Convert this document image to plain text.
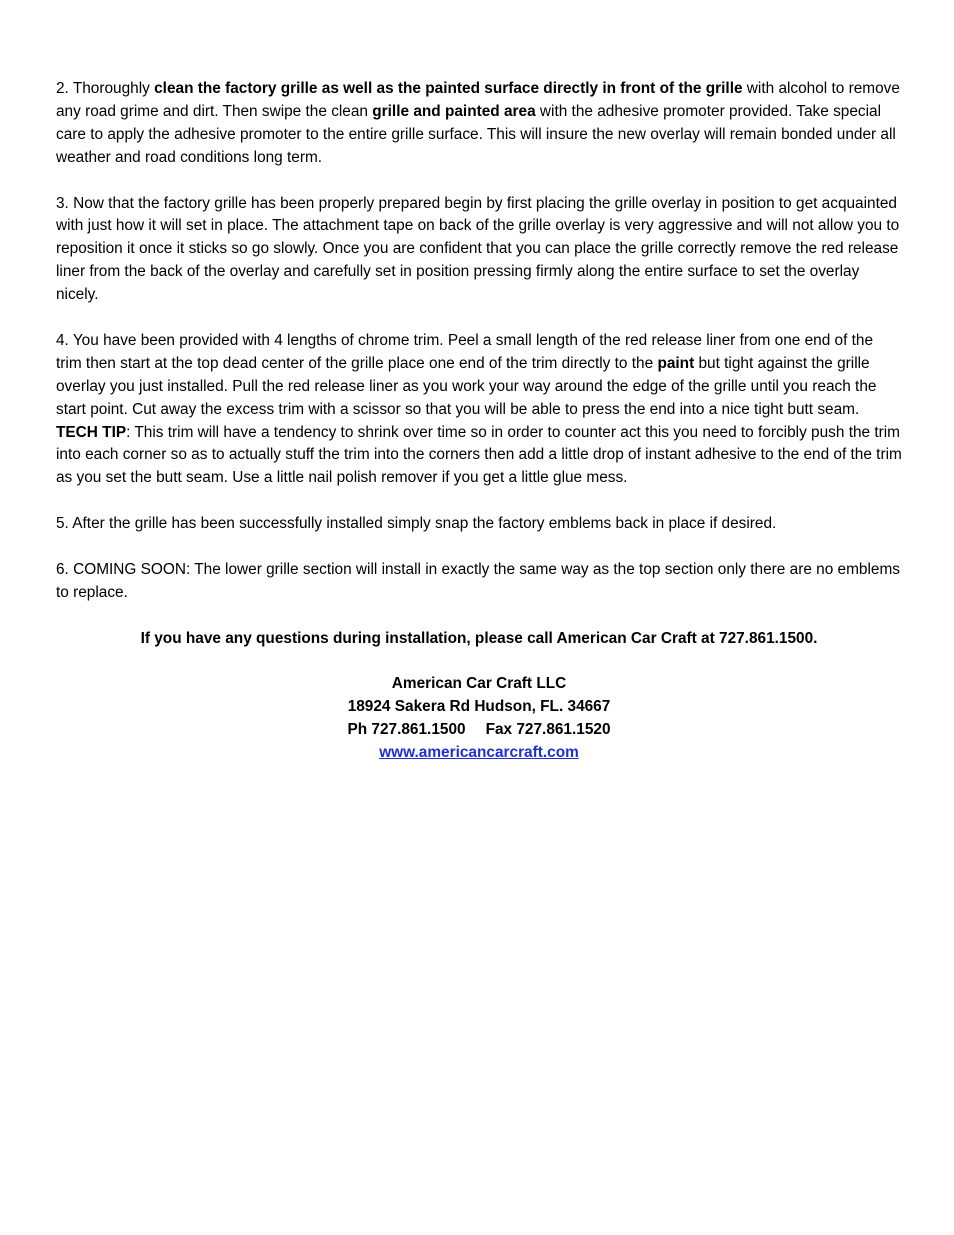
2. Thoroughly clean the factory grille as well as the painted surface directly in front of the grille with alcohol to remove any road grime and dirt. Then swipe the clean grille and painted area with the adhesive promoter provided. Take special care to apply the adhesive promoter to the entire grille surface. This will insure the new overlay will remain bonded under all weather and road conditions long term.

3. Now that the factory grille has been properly prepared begin by first placing the grille overlay in position to get acquainted with just how it will set in place. The attachment tape on back of the grille overlay is very aggressive and will not allow you to reposition it once it sticks so go slowly. Once you are confident that you can place the grille correctly remove the red release liner from the back of the overlay and carefully set in position pressing firmly along the entire surface to set the overlay nicely.

4. You have been provided with 4 lengths of chrome trim. Peel a small length of the red release liner from one end of the trim then start at the top dead center of the grille place one end of the trim directly to the paint but tight against the grille overlay you just installed. Pull the red release liner as you work your way around the edge of the grille until you reach the start point. Cut away the excess trim with a scissor so that you will be able to press the end into a nice tight butt seam. TECH TIP: This trim will have a tendency to shrink over time so in order to counter act this you need to forcibly push the trim into each corner so as to actually stuff the trim into the corners then add a little drop of instant adhesive to the end of the trim as you set the butt seam. Use a little nail polish remover if you get a little glue mess.

5. After the grille has been successfully installed simply snap the factory emblems back in place if desired.

6. COMING SOON: The lower grille section will install in exactly the same way as the top section only there are no emblems to replace.

If you have any questions during installation, please call American Car Craft at 727.861.1500.

American Car Craft LLC
18924 Sakera Rd Hudson, FL. 34667
Ph 727.861.1500 Fax 727.861.1520
www.americancarcraft.com
